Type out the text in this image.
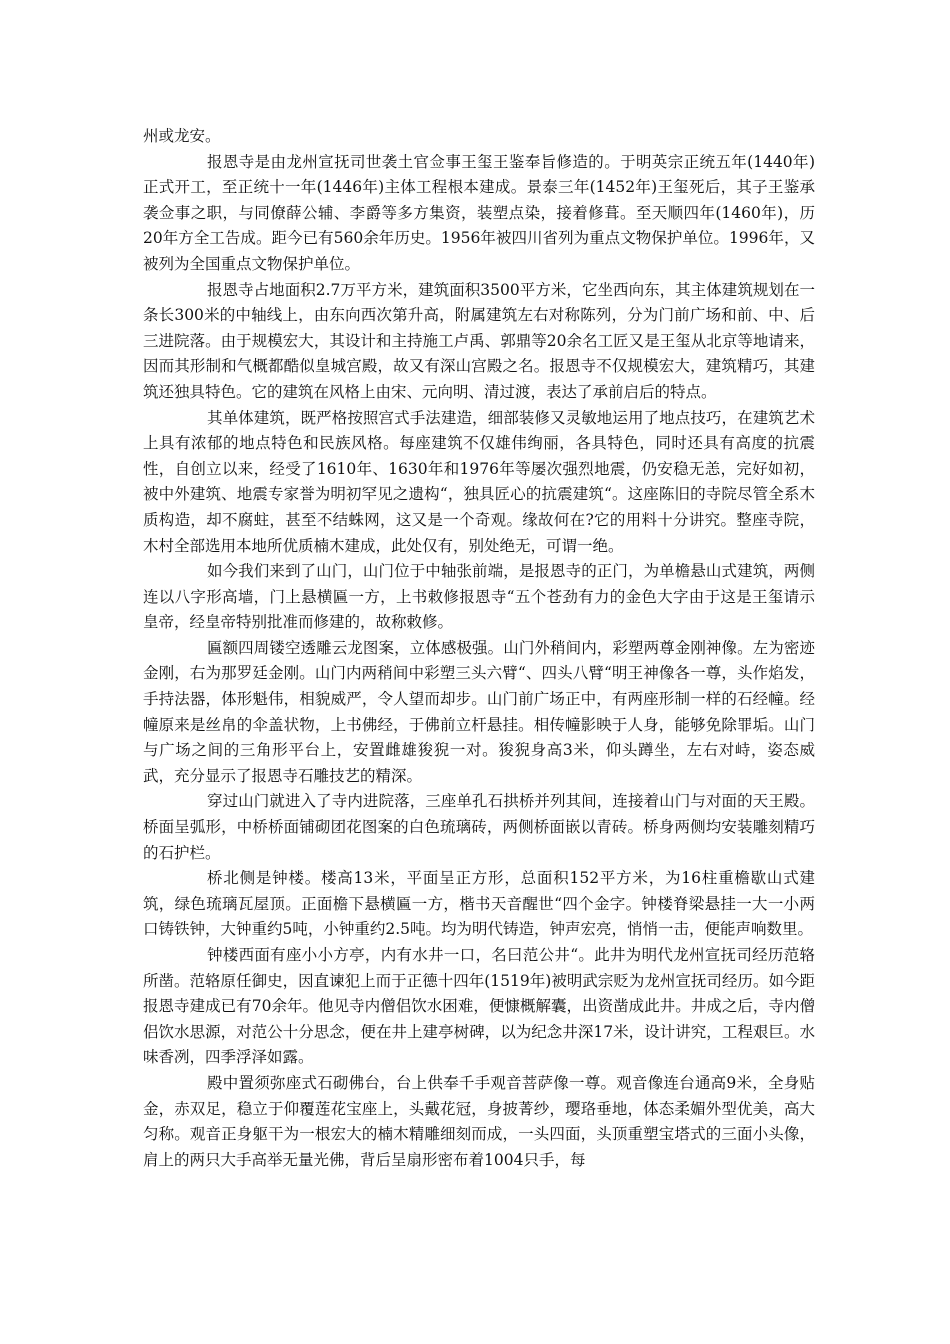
州或龙安。

报恩寺是由龙州宣抚司世袭土官佥事王玺王鉴奉旨修造的。于明英宗正统五年(1440年)正式开工，至正统十一年(1446年)主体工程根本建成。景泰三年(1452年)王玺死后，其子王鉴承袭佥事之职，与同僚薛公辅、李爵等多方集资，装塑点染，接着修葺。至天顺四年(1460年)，历20年方全工告成。距今已有560余年历史。1956年被四川省列为重点文物保护单位。1996年，又被列为全国重点文物保护单位。

报恩寺占地面积2.7万平方米，建筑面积3500平方米，它坐西向东，其主体建筑规划在一条长300米的中轴线上，由东向西次第升高，附属建筑左右对称陈列，分为门前广场和前、中、后三进院落。由于规模宏大，其设计和主持施工卢禹、郭鼎等20余名工匠又是王玺从北京等地请来，因而其形制和气概都酷似皇城宫殿，故又有深山宫殿之名。报恩寺不仅规模宏大，建筑精巧，其建筑还独具特色。它的建筑在风格上由宋、元向明、清过渡，表达了承前启后的特点。

其单体建筑，既严格按照宫式手法建造，细部装修又灵敏地运用了地点技巧，在建筑艺术上具有浓郁的地点特色和民族风格。每座建筑不仅雄伟绚丽，各具特色，同时还具有高度的抗震性，自创立以来，经受了1610年、1630年和1976年等屡次强烈地震，仍安稳无恙，完好如初，被中外建筑、地震专家誉为明初罕见之遗构“，独具匠心的抗震建筑“。这座陈旧的寺院尽管全系木质构造，却不腐蛀，甚至不结蛛网，这又是一个奇观。缘故何在?它的用料十分讲究。整座寺院，木村全部选用本地所优质楠木建成，此处仅有，别处绝无，可谓一绝。

如今我们来到了山门，山门位于中轴张前端，是报恩寺的正门，为单檐悬山式建筑，两侧连以八字形高墙，门上悬横匾一方，上书敕修报恩寺“五个苍劲有力的金色大字由于这是王玺请示皇帝，经皇帝特别批准而修建的，故称敕修。

匾额四周镂空透雕云龙图案，立体感极强。山门外稍间内，彩塑两尊金刚神像。左为密迹金刚，右为那罗廷金刚。山门内两稍间中彩塑三头六臂“、四头八臂“明王神像各一尊，头作焰发，手持法器，体形魁伟，相貌威严，令人望而却步。山门前广场正中，有两座形制一样的石经幢。经幢原来是丝帛的伞盖状物，上书佛经，于佛前立杆悬挂。相传幢影映于人身，能够免除罪垢。山门与广场之间的三角形平台上，安置雌雄狻猊一对。狻猊身高3米，仰头蹲坐，左右对峙，姿态威武，充分显示了报恩寺石雕技艺的精深。

穿过山门就进入了寺内进院落，三座单孔石拱桥并列其间，连接着山门与对面的天王殿。桥面呈弧形，中桥桥面铺砌团花图案的白色琉璃砖，两侧桥面嵌以青砖。桥身两侧均安装雕刻精巧的石护栏。

桥北侧是钟楼。楼高13米，平面呈正方形，总面积152平方米，为16柱重檐歇山式建筑，绿色琉璃瓦屋顶。正面檐下悬横匾一方，楷书天音醒世“四个金字。钟楼脊梁悬挂一大一小两口铸铁钟，大钟重约5吨，小钟重约2.5吨。均为明代铸造，钟声宏亮，悄悄一击，便能声响数里。

钟楼西面有座小小方亭，内有水井一口，名曰范公井“。此井为明代龙州宣抚司经历范辂所凿。范辂原任御史，因直谏犯上而于正德十四年(1519年)被明武宗贬为龙州宣抚司经历。如今距报恩寺建成已有70余年。他见寺内僧侣饮水困难，便慷概解囊，出资凿成此井。井成之后，寺内僧侣饮水思源，对范公十分思念，便在井上建亭树碑，以为纪念井深17米，设计讲究，工程艰巨。水味香冽，四季浮泽如露。

殿中置须弥座式石砌佛台，台上供奉千手观音菩萨像一尊。观音像连台通高9米，全身贴金，赤双足，稳立于仰覆莲花宝座上，头戴花冠，身披菁纱，璎珞垂地，体态柔媚外型优美，高大匀称。观音正身躯干为一根宏大的楠木精雕细刻而成，一头四面，头顶重塑宝塔式的三面小头像，肩上的两只大手高举无量光佛，背后呈扇形密布着1004只手，每
